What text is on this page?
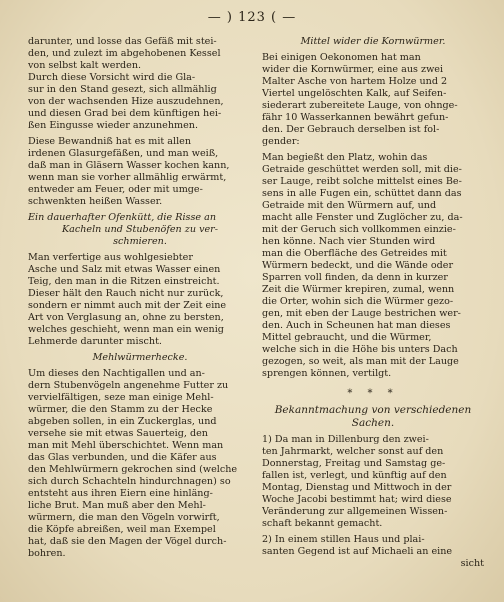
— ) 123 ( —
darunter, und losse das Gefäß mit stei-
den, und zulezt im abgehobenen Kessel
von selbst kalt werden.
Durch diese Vorsicht wird die Gla-
sur in den Stand gesezt, sich allmählig
von der wachsenden Hize auszudehnen,
und diesen Grad bei dem künftigen hei-
ßen Eingusse wieder anzunehmen.
Diese Bewandniß hat es mit allen
irdenen Glasurgefäßen, und man weiß,
daß man in Gläsern Wasser kochen kann,
wenn man sie vorher allmählig erwärmt,
entweder am Feuer, oder mit umge-
schwenkten heißen Wasser.
Ein dauerhafter Ofenkütt, die Risse an
Kacheln und Stubenöfen zu ver-
schmieren.
Man verfertige aus wohlgesiebter
Asche und Salz mit etwas Wasser einen
Teig, den man in die Ritzen einstreicht.
Dieser hält den Rauch nicht nur zurück,
sondern er nimmt auch mit der Zeit eine
Art von Verglasung an, ohne zu bersten,
welches geschieht, wenn man ein wenig
Lehmerde darunter mischt.
Mehlwürmerhecke.
Um dieses den Nachtigallen und an-
dern Stubenvögeln angenehme Futter zu
vervielfältigen, seze man einige Mehl-
würmer, die den Stamm zu der Hecke
abgeben sollen, in ein Zuckerglas, und
versehe sie mit etwas Sauerteig, den
man mit Mehl überschichtet. Wenn man
das Glas verbunden, und die Käfer aus
den Mehlwürmern gekrochen sind (welche
sich durch Schachteln hindurchnagen) so
entsteht aus ihren Eiern eine hinläng-
liche Brut. Man muß aber den Mehl-
würmern, die man den Vögeln vorwirft,
die Köpfe abreißen, weil man Exempel
hat, daß sie den Magen der Vögel durch-
bohren.
Mittel wider die Kornwürmer.
Bei einigen Oekonomen hat man
wider die Kornwürmer, eine aus zwei
Malter Asche von hartem Holze und 2
Viertel ungelöschten Kalk, auf Seifen-
siederart zubereitete Lauge, von ohnge-
fähr 10 Wasserkannen bewährt gefun-
den. Der Gebrauch derselben ist fol-
gender:
Man begießt den Platz, wohin das
Getraide geschüttet werden soll, mit die-
ser Lauge, reibt solche mittelst eines Be-
sens in alle Fugen ein, schüttet dann das
Getraide mit den Würmern auf, und
macht alle Fenster und Zuglöcher zu, da-
mit der Geruch sich vollkommen einzie-
hen könne. Nach vier Stunden wird
man die Oberfläche des Getreides mit
Würmern bedeckt, und die Wände oder
Sparren voll finden, da denn in kurzer
Zeit die Würmer krepiren, zumal, wenn
die Orter, wohin sich die Würmer gezo-
gen, mit eben der Lauge bestrichen wer-
den. Auch in Scheunen hat man dieses
Mittel gebraucht, und die Würmer,
welche sich in die Höhe bis unters Dach
gezogen, so weit, als man mit der Lauge
sprengen können, vertilgt.
* * *
Bekanntmachung von verschiedenen
Sachen.
1) Da man in Dillenburg den zwei-
ten Jahrmarkt, welcher sonst auf den
Donnerstag, Freitag und Samstag ge-
fallen ist, verlegt, und künftig auf den
Montag, Dienstag und Mittwoch in der
Woche Jacobi bestimmt hat; wird diese
Veränderung zur allgemeinen Wissen-
schaft bekannt gemacht.
2) In einem stillen Haus und plai-
santen Gegend ist auf Michaeli an eine
sicht
